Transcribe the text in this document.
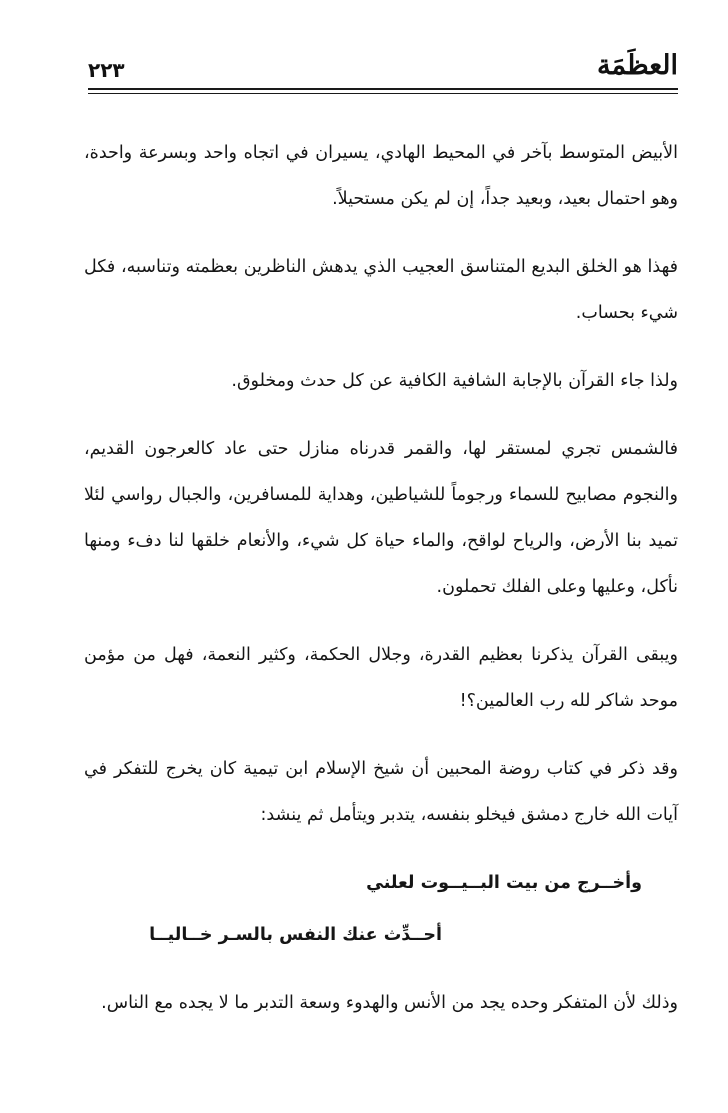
العظَمَة
٢٢٣

الأبيض المتوسط بآخر في المحيط الهادي، يسيران في اتجاه واحد وبسرعة واحدة، وهو احتمال بعيد، وبعيد جداً، إن لم يكن مستحيلاً.

فهذا هو الخلق البديع المتناسق العجيب الذي يدهش الناظرين بعظمته وتناسبه، فكل شيء بحساب.

ولذا جاء القرآن بالإجابة الشافية الكافية عن كل حدث ومخلوق.

فالشمس تجري لمستقر لها، والقمر قدرناه منازل حتى عاد كالعرجون القديم، والنجوم مصابيح للسماء ورجوماً للشياطين، وهداية للمسافرين، والجبال رواسي لئلا تميد بنا الأرض، والرياح لواقح، والماء حياة كل شيء، والأنعام خلقها لنا دفء ومنها نأكل، وعليها وعلى الفلك تحملون.

ويبقى القرآن يذكرنا بعظيم القدرة، وجلال الحكمة، وكثير النعمة، فهل من مؤمن موحد شاكر لله رب العالمين؟!

وقد ذكر في كتاب روضة المحبين أن شيخ الإسلام ابن تيمية كان يخرج للتفكر في آيات الله خارج دمشق فيخلو بنفسه، يتدبر ويتأمل ثم ينشد:

وأخــرج من بيت البــيــوت لعلني

أحــدِّث عنك النفس بالسـر خــاليــا

وذلك لأن المتفكر وحده يجد من الأنس والهدوء وسعة التدبر ما لا يجده مع الناس.
